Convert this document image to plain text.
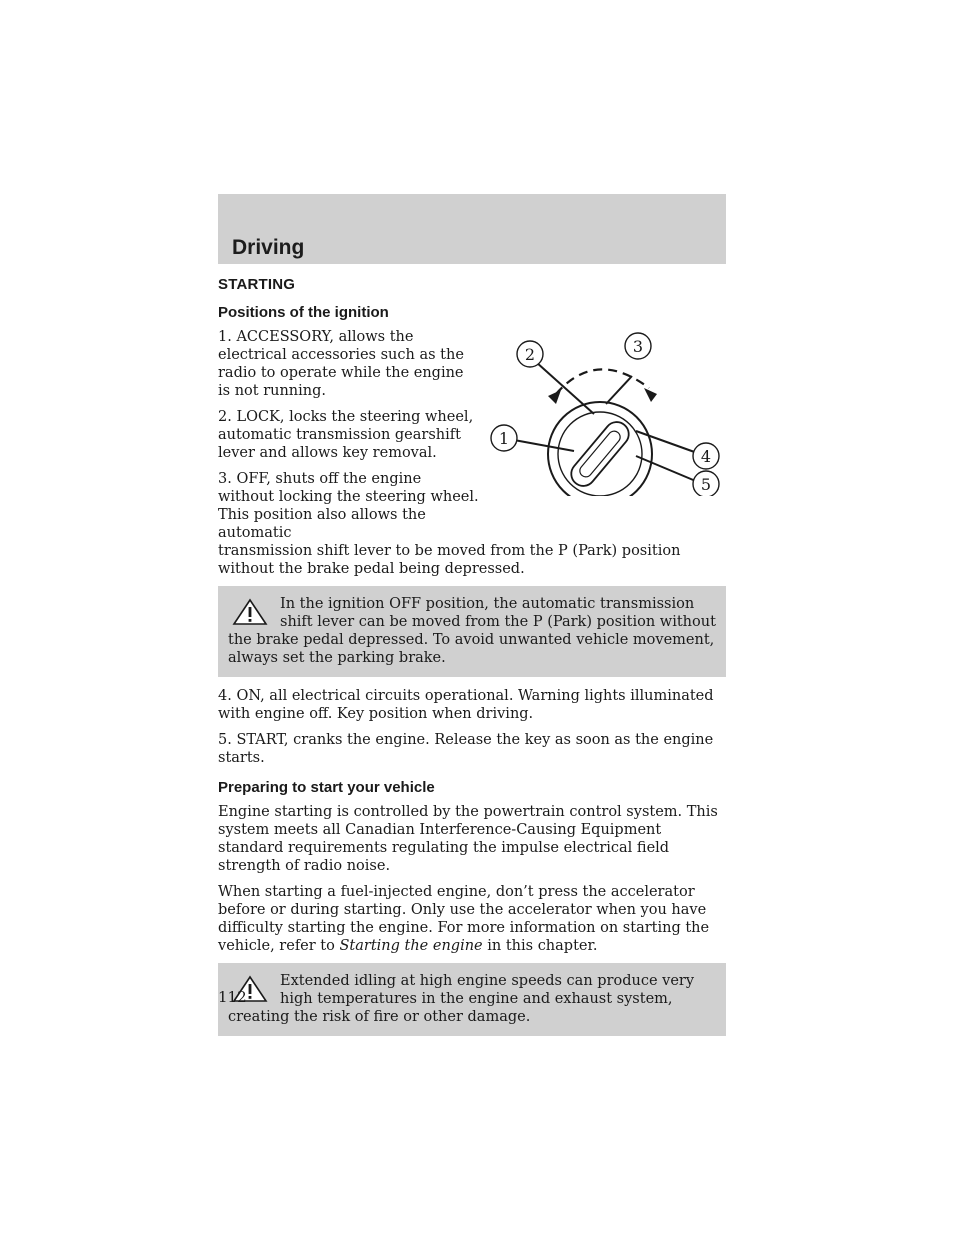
Driving
STARTING
Positions of the ignition

1. ACCESSORY, allows the electrical accessories such as the radio to operate while the engine is not running.

2. LOCK, locks the steering wheel, automatic transmission gearshift lever and allows key removal.

3. OFF, shuts off the engine without locking the steering wheel. This position also allows the automatic

transmission shift lever to be moved from the P (Park) position without the brake pedal being depressed.

1
2	3
4
5
In the ignition OFF position, the automatic transmission shift lever can be moved from the P (Park) position without the brake pedal depressed. To avoid unwanted vehicle movement, always set the parking brake.

4. ON, all electrical circuits operational. Warning lights illuminated with engine off. Key position when driving.

5. START, cranks the engine. Release the key as soon as the engine starts.

Preparing to start your vehicle

Engine starting is controlled by the powertrain control system. This system meets all Canadian Interference-Causing Equipment standard requirements regulating the impulse electrical field strength of radio noise.

When starting a fuel-injected engine, don’t press the accelerator before or during starting. Only use the accelerator when you have difficulty starting the engine. For more information on starting the vehicle, refer to Starting the engine in this chapter.

Extended idling at high engine speeds can produce very high temperatures in the engine and exhaust system, creating the risk of fire or other damage.
112
